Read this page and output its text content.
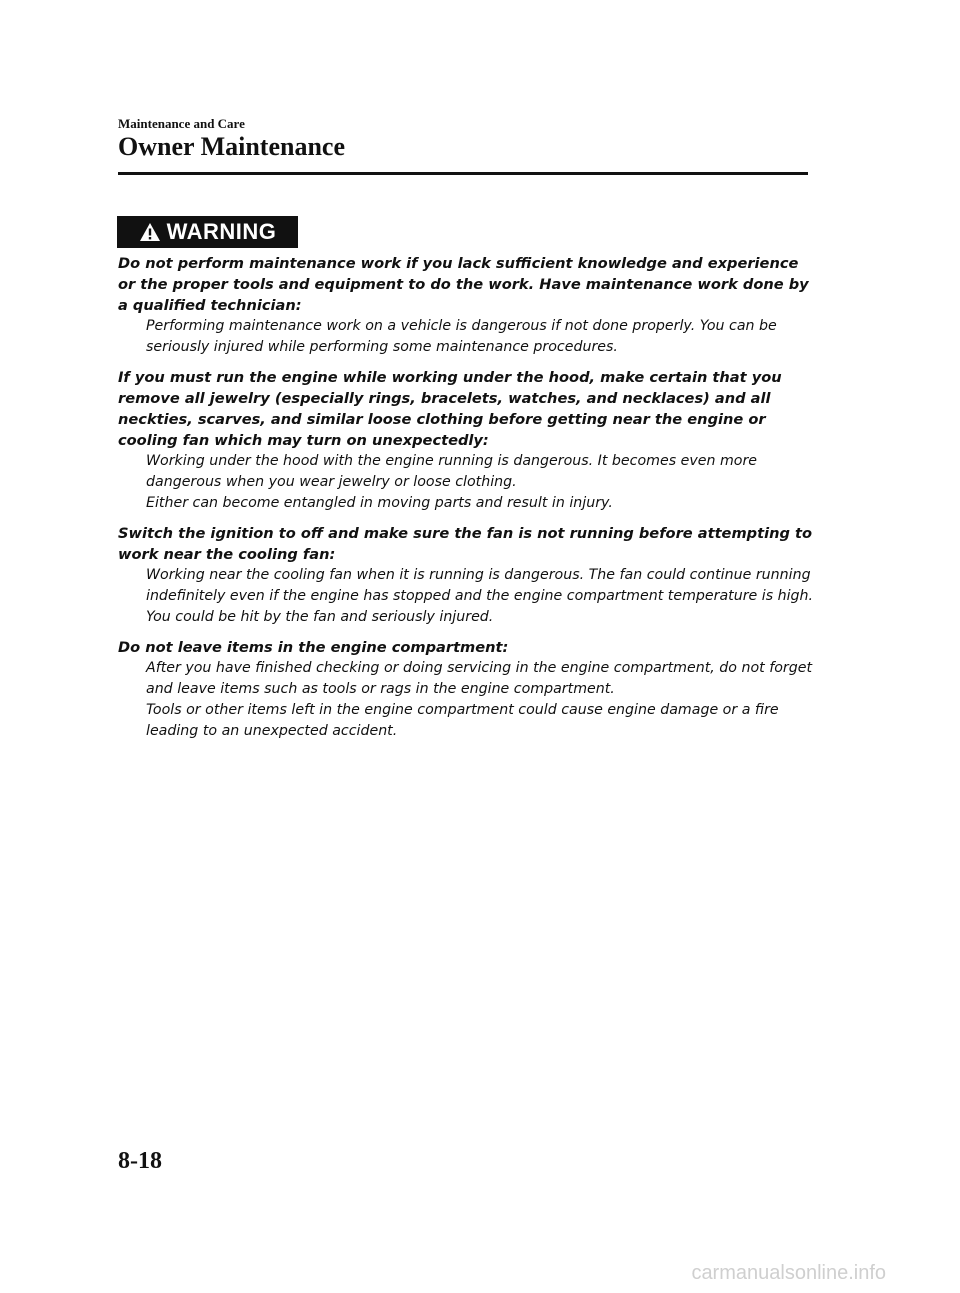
Maintenance and Care
Owner Maintenance
WARNING

Do not perform maintenance work if you lack sufficient knowledge and experience or the proper tools and equipment to do the work. Have maintenance work done by a qualified technician:

Performing maintenance work on a vehicle is dangerous if not done properly. You can be seriously injured while performing some maintenance procedures.

If you must run the engine while working under the hood, make certain that you remove all jewelry (especially rings, bracelets, watches, and necklaces) and all neckties, scarves, and similar loose clothing before getting near the engine or cooling fan which may turn on unexpectedly:

Working under the hood with the engine running is dangerous. It becomes even more dangerous when you wear jewelry or loose clothing.

Either can become entangled in moving parts and result in injury.

Switch the ignition to off and make sure the fan is not running before attempting to work near the cooling fan:

Working near the cooling fan when it is running is dangerous. The fan could continue running indefinitely even if the engine has stopped and the engine compartment temperature is high. You could be hit by the fan and seriously injured.

Do not leave items in the engine compartment:

After you have finished checking or doing servicing in the engine compartment, do not forget and leave items such as tools or rags in the engine compartment.

Tools or other items left in the engine compartment could cause engine damage or a fire leading to an unexpected accident.

8-18
carmanualsonline.info
